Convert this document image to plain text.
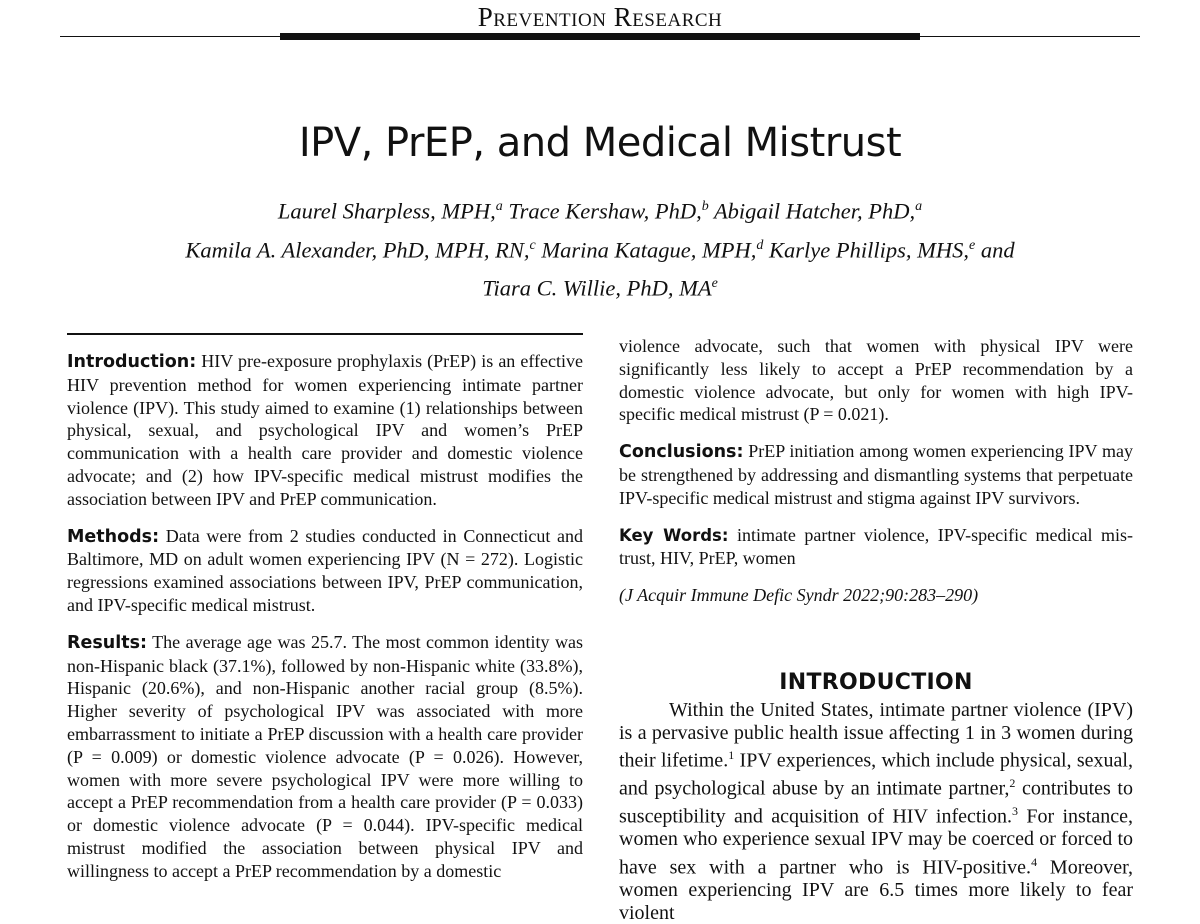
Prevention Research
IPV, PrEP, and Medical Mistrust
Laurel Sharpless, MPH,$^a$ Trace Kershaw, PhD,$^b$ Abigail Hatcher, PhD,$^a$
Kamila A. Alexander, PhD, MPH, RN,$^c$ Marina Katague, MPH,$^d$ Karlye Phillips, MHS,$^e$ and
Tiara C. Willie, PhD, $MA^e$

Introduction: HIV pre-exposure prophylaxis (PrEP) is an effective HIV prevention method for women experiencing intimate partner violence (IPV). This study aimed to examine (1) relationships between physical, sexual, and psychological IPV and women’s PrEP communication with a health care provider and domestic violence advocate; and (2) how IPV-specific medical mistrust modifies the association between IPV and PrEP communication.

Methods: Data were from 2 studies conducted in Connecticut and Baltimore, MD on adult women experiencing IPV (N = 272). Logistic regressions examined associations between IPV, PrEP communication, and IPV-specific medical mistrust.

Results: The average age was 25.7. The most common identity was non-Hispanic black (37.1%), followed by non-Hispanic white (33.8%), Hispanic (20.6%), and non-Hispanic another racial group (8.5%). Higher severity of psychological IPV was associated with more embarrassment to initiate a PrEP discussion with a health care provider (P = 0.009) or domestic violence advocate (P = 0.026). However, women with more severe psychological IPV were more willing to accept a PrEP recommendation from a health care provider (P = 0.033) or domestic violence advocate (P = 0.044). IPV-specific medical mistrust modified the association between physical IPV and willingness to accept a PrEP recommendation by a domestic

violence advocate, such that women with physical IPV were significantly less likely to accept a PrEP recommendation by a domestic violence advocate, but only for women with high IPV-specific medical mistrust (P = 0.021).

Conclusions: PrEP initiation among women experiencing IPV may be strengthened by addressing and dismantling systems that perpetuate IPV-specific medical mistrust and stigma against IPV survivors.

Key Words: intimate partner violence, IPV-specific medical mis-trust, HIV, PrEP, women

(J Acquir Immune Defic Syndr 2022;90:283–290)

INTRODUCTION
Within the United States, intimate partner violence (IPV) is a pervasive public health issue affecting 1 in 3 women during their lifetime.$^1$ IPV experiences, which include physical, sexual, and psychological abuse by an intimate partner,$^2$ contributes to susceptibility and acquisition of HIV infection.$^3$ For instance, women who experience sexual IPV may be coerced or forced to have sex with a partner who is HIV-positive.$^4$ Moreover, women experiencing IPV are 6.5 times more likely to fear violent
